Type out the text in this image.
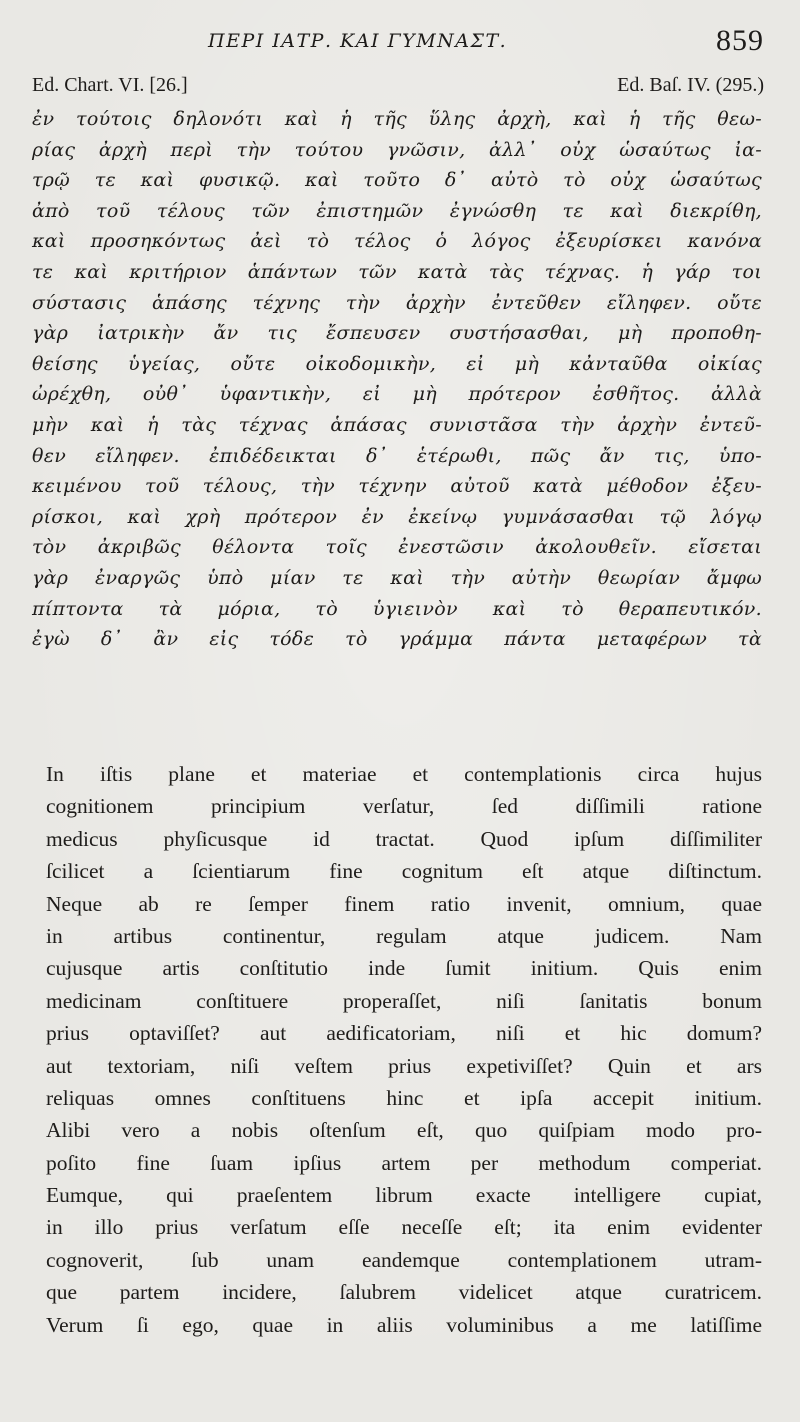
ΠΕΡΙ ΙΑΤΡ. ΚΑΙ ΓΥΜΝΑΣΤ.	859
Ed. Chart. VI. [26.]	Ed. Baſ. IV. (295.)
ἐν τούτοις δηλονότι καὶ ἡ τῆς ὕλης ἀρχὴ, καὶ ἡ τῆς θεω-
ρίας ἀρχὴ περὶ τὴν τούτου γνῶσιν, ἀλλ᾽ οὐχ ὡσαύτως ἰα-
τρῷ τε καὶ φυσικῷ. καὶ τοῦτο δ᾽ αὐτὸ τὸ οὐχ ὡσαύτως
ἀπὸ τοῦ τέλους τῶν ἐπιστημῶν ἐγνώσθη τε καὶ διεκρίθη,
καὶ προσηκόντως ἀεὶ τὸ τέλος ὁ λόγος ἐξευρίσκει κανόνα
τε καὶ κριτήριον ἁπάντων τῶν κατὰ τὰς τέχνας. ἡ γάρ τοι
σύστασις ἁπάσης τέχνης τὴν ἀρχὴν ἐντεῦθεν εἴληφεν. οὔτε
γὰρ ἰατρικὴν ἄν τις ἔσπευσεν συστήσασθαι, μὴ προποθη-
θείσης ὑγείας, οὔτε οἰκοδομικὴν, εἰ μὴ κἀνταῦθα οἰκίας
ὠρέχθη, οὐθ᾽ ὑφαντικὴν, εἰ μὴ πρότερον ἐσθῆτος. ἀλλὰ
μὴν καὶ ἡ τὰς τέχνας ἁπάσας συνιστᾶσα τὴν ἀρχὴν ἐντεῦ-
θεν εἴληφεν. ἐπιδέδεικται δ᾽ ἑτέρωθι, πῶς ἄν τις, ὑπο-
κειμένου τοῦ τέλους, τὴν τέχνην αὐτοῦ κατὰ μέθοδον ἐξευ-
ρίσκοι, καὶ χρὴ πρότερον ἐν ἐκείνῳ γυμνάσασθαι τῷ λόγῳ
τὸν ἀκριβῶς θέλοντα τοῖς ἐνεστῶσιν ἀκολουθεῖν. εἴσεται
γὰρ ἐναργῶς ὑπὸ μίαν τε καὶ τὴν αὐτὴν θεωρίαν ἄμφω
πίπτοντα τὰ μόρια, τὸ ὑγιεινὸν καὶ τὸ θεραπευτικόν.
ἐγὼ δ᾽ ἂν εἰς τόδε τὸ γράμμα πάντα μεταφέρων τὰ
In iſtis plane et materiae et contemplationis circa hujus
cognitionem principium verſatur, ſed diſſimili ratione
medicus phyſicusque id tractat. Quod ipſum diſſimiliter
ſcilicet a ſcientiarum fine cognitum eſt atque diſtinctum.
Neque ab re ſemper finem ratio invenit, omnium, quae
in artibus continentur, regulam atque judicem. Nam
cujusque artis conſtitutio inde ſumit initium. Quis enim
medicinam conſtituere properaſſet, niſi ſanitatis bonum
prius optaviſſet? aut aedificatoriam, niſi et hic domum?
aut textoriam, niſi veſtem prius expetiviſſet? Quin et ars
reliquas omnes conſtituens hinc et ipſa accepit initium.
Alibi vero a nobis oſtenſum eſt, quo quiſpiam modo pro-
poſito fine ſuam ipſius artem per methodum comperiat.
Eumque, qui praeſentem librum exacte intelligere cupiat,
in illo prius verſatum eſſe neceſſe eſt; ita enim evidenter
cognoverit, ſub unam eandemque contemplationem utram-
que partem incidere, ſalubrem videlicet atque curatricem.
Verum ſi ego, quae in aliis voluminibus a me latiſſime
